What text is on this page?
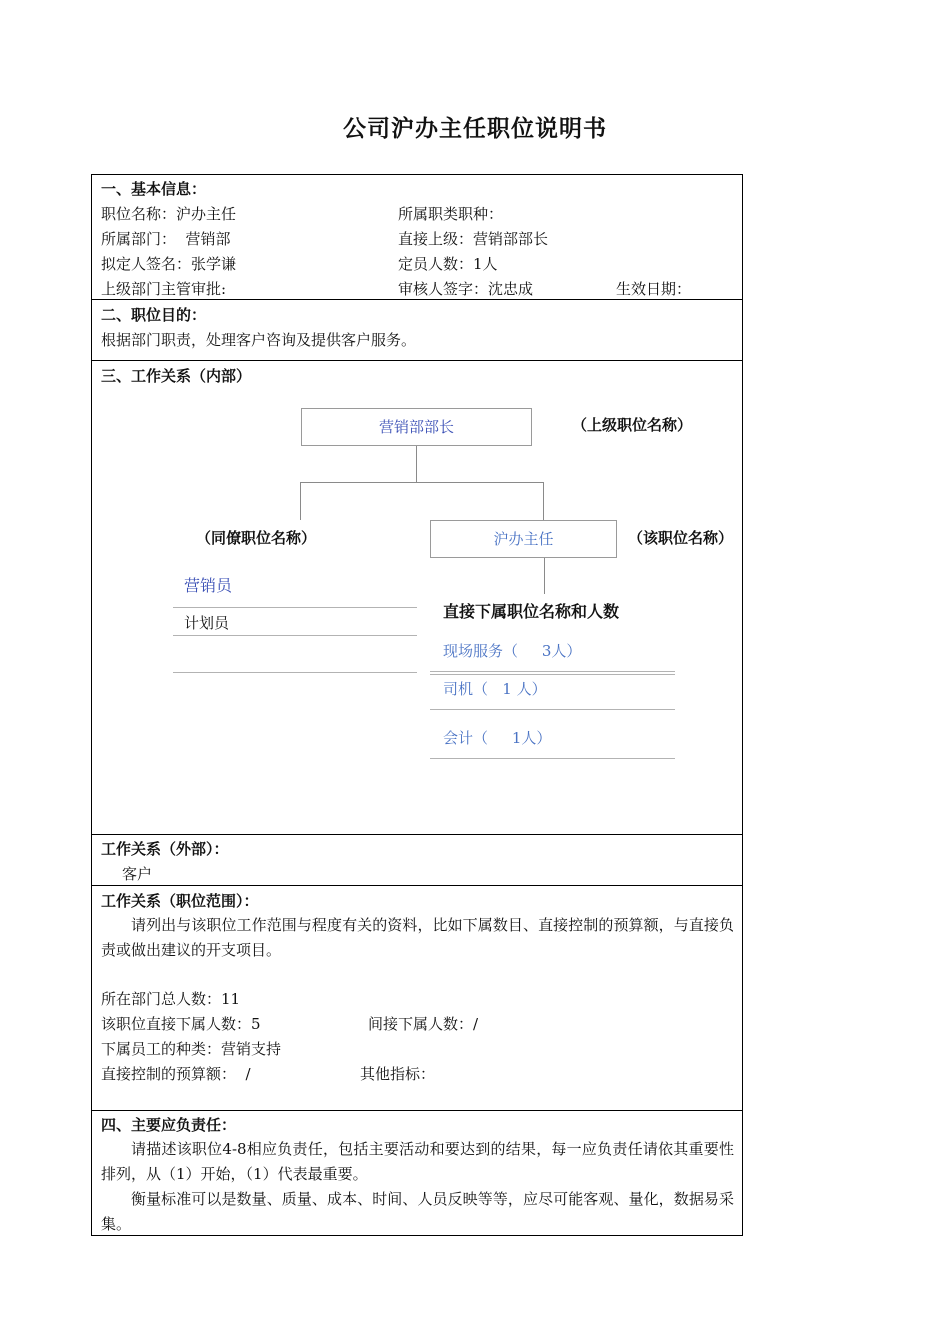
公司沪办主任职位说明书
一、基本信息：
职位名称：沪办主任	所属职类职种：
所属部门：  营销部	直接上级：营销部部长
拟定人签名：张学谦	定员人数：1人
上级部门主管审批:	审核人签字：沈忠成	生效日期：
二、职位目的：
根据部门职责，处理客户咨询及提供客户服务。
三、工作关系（内部）
营销部部长	（上级职位名称）
（同僚职位名称）	沪办主任	（该职位名称）
营销员
计划员
直接下属职位名称和人数
现场服务（     3人）
司机（   1 人）
会计（     1人）
工作关系（外部）：
客户
工作关系（职位范围）：
请列出与该职位工作范围与程度有关的资料，比如下属数目、直接控制的预算额，与直接负责或做出建议的开支项目。
所在部门总人数：11
该职位直接下属人数：5	间接下属人数：/
下属员工的种类：营销支持
直接控制的预算额：  /	其他指标：
四、主要应负责任：
请描述该职位4-8相应负责任，包括主要活动和要达到的结果，每一应负责任请依其重要性排列，从（1）开始，（1）代表最重要。
衡量标准可以是数量、质量、成本、时间、人员反映等等，应尽可能客观、量化，数据易采集。
